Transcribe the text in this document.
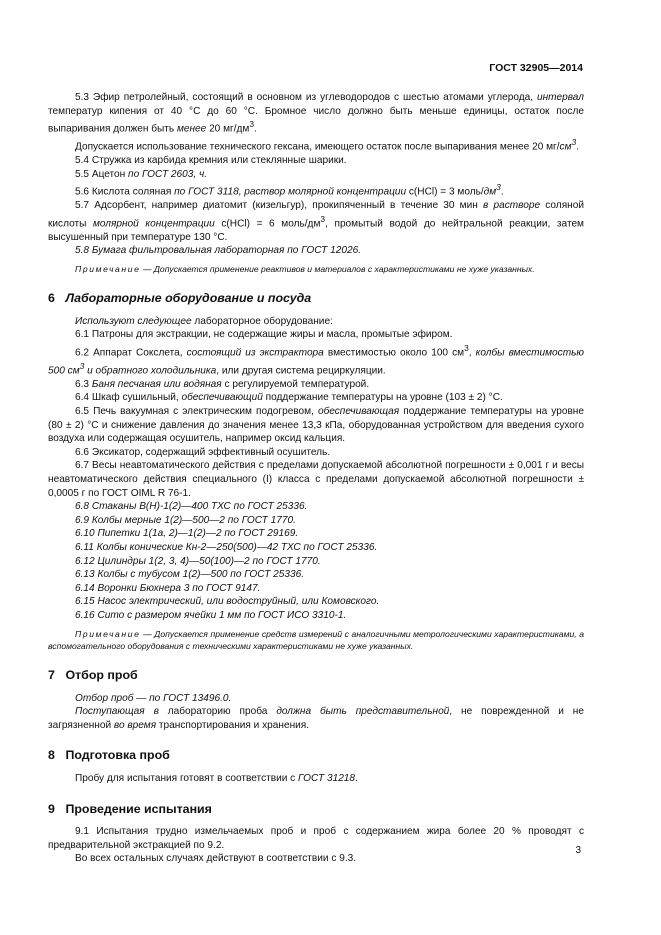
ГОСТ 32905—2014

5.3 Эфир петролейный, состоящий в основном из углеводородов с шестью атомами углерода, интервал температур кипения от 40 °С до 60 °С. Бромное число должно быть меньше единицы, остаток после выпаривания должен быть менее 20 $мг/дм^3$.

Допускается использование технического гексана, имеющего остаток после выпаривания менее 20 $мг/см^3$.

5.4 Стружка из карбида кремния или стеклянные шарики.

5.5 Ацетон по ГОСТ 2603, ч.

5.6 Кислота соляная по ГОСТ 3118, раствор молярной концентрации с(HCl) = 3 моль/$дм^3$.

5.7 Адсорбент, например диатомит (кизельгур), прокипяченный в течение 30 мин в растворе соляной кислоты молярной концентрации с(HCl) = 6 моль/$дм^3$, промытый водой до нейтральной реакции, затем высушенный при температуре 130 °С.

5.8 Бумага фильтровальная лабораторная по ГОСТ 12026.

Примечание — Допускается применение реактивов и материалов с характеристиками не хуже указанных.

6 Лабораторные оборудование и посуда

Используют следующее лабораторное оборудование:

6.1 Патроны для экстракции, не содержащие жиры и масла, промытые эфиром.

6.2 Аппарат Сокслета, состоящий из экстрактора вместимостью около 100 $см^3$, колбы вместимостью 500 $см^3$ и обратного холодильника, или другая система рециркуляции.

6.3 Баня песчаная или водяная с регулируемой температурой.

6.4 Шкаф сушильный, обеспечивающий поддержание температуры на уровне (103 ± 2) °С.

6.5 Печь вакуумная с электрическим подогревом, обеспечивающая поддержание температуры на уровне (80 ± 2) °С и снижение давления до значения менее 13,3 кПа, оборудованная устройством для введения сухого воздуха или содержащая осушитель, например оксид кальция.

6.6 Эксикатор, содержащий эффективный осушитель.

6.7 Весы неавтоматического действия с пределами допускаемой абсолютной погрешности ± 0,001 г и весы неавтоматического действия специального (I) класса с пределами допускаемой абсолютной погрешности ± 0,0005 г по ГОСТ OIML R 76-1.

6.8 Стаканы В(Н)-1(2)—400 ТХС по ГОСТ 25336.

6.9 Колбы мерные 1(2)—500—2 по ГОСТ 1770.

6.10 Пипетки 1(1а, 2)—1(2)—2 по ГОСТ 29169.

6.11 Колбы конические Кн-2—250(500)—42 ТХС по ГОСТ 25336.

6.12 Цилиндры 1(2, 3, 4)—50(100)—2 по ГОСТ 1770.

6.13 Колбы с тубусом 1(2)—500 по ГОСТ 25336.

6.14 Воронки Бюхнера 3 по ГОСТ 9147.

6.15 Насос электрический, или водоструйный, или Комовского.

6.16 Сито с размером ячейки 1 мм по ГОСТ ИСО 3310-1.

Примечание — Допускается применение средств измерений с аналогичными метрологическими характеристиками, а вспомогательного оборудования с техническими характеристиками не хуже указанных.

7 Отбор проб

Отбор проб — по ГОСТ 13496.0.

Поступающая в лабораторию проба должна быть представительной, не поврежденной и не загрязненной во время транспортирования и хранения.

8 Подготовка проб

Пробу для испытания готовят в соответствии с ГОСТ 31218.

9 Проведение испытания

9.1 Испытания трудно измельчаемых проб и проб с содержанием жира более 20 % проводят с предварительной экстракцией по 9.2.

Во всех остальных случаях действуют в соответствии с 9.3.

3
